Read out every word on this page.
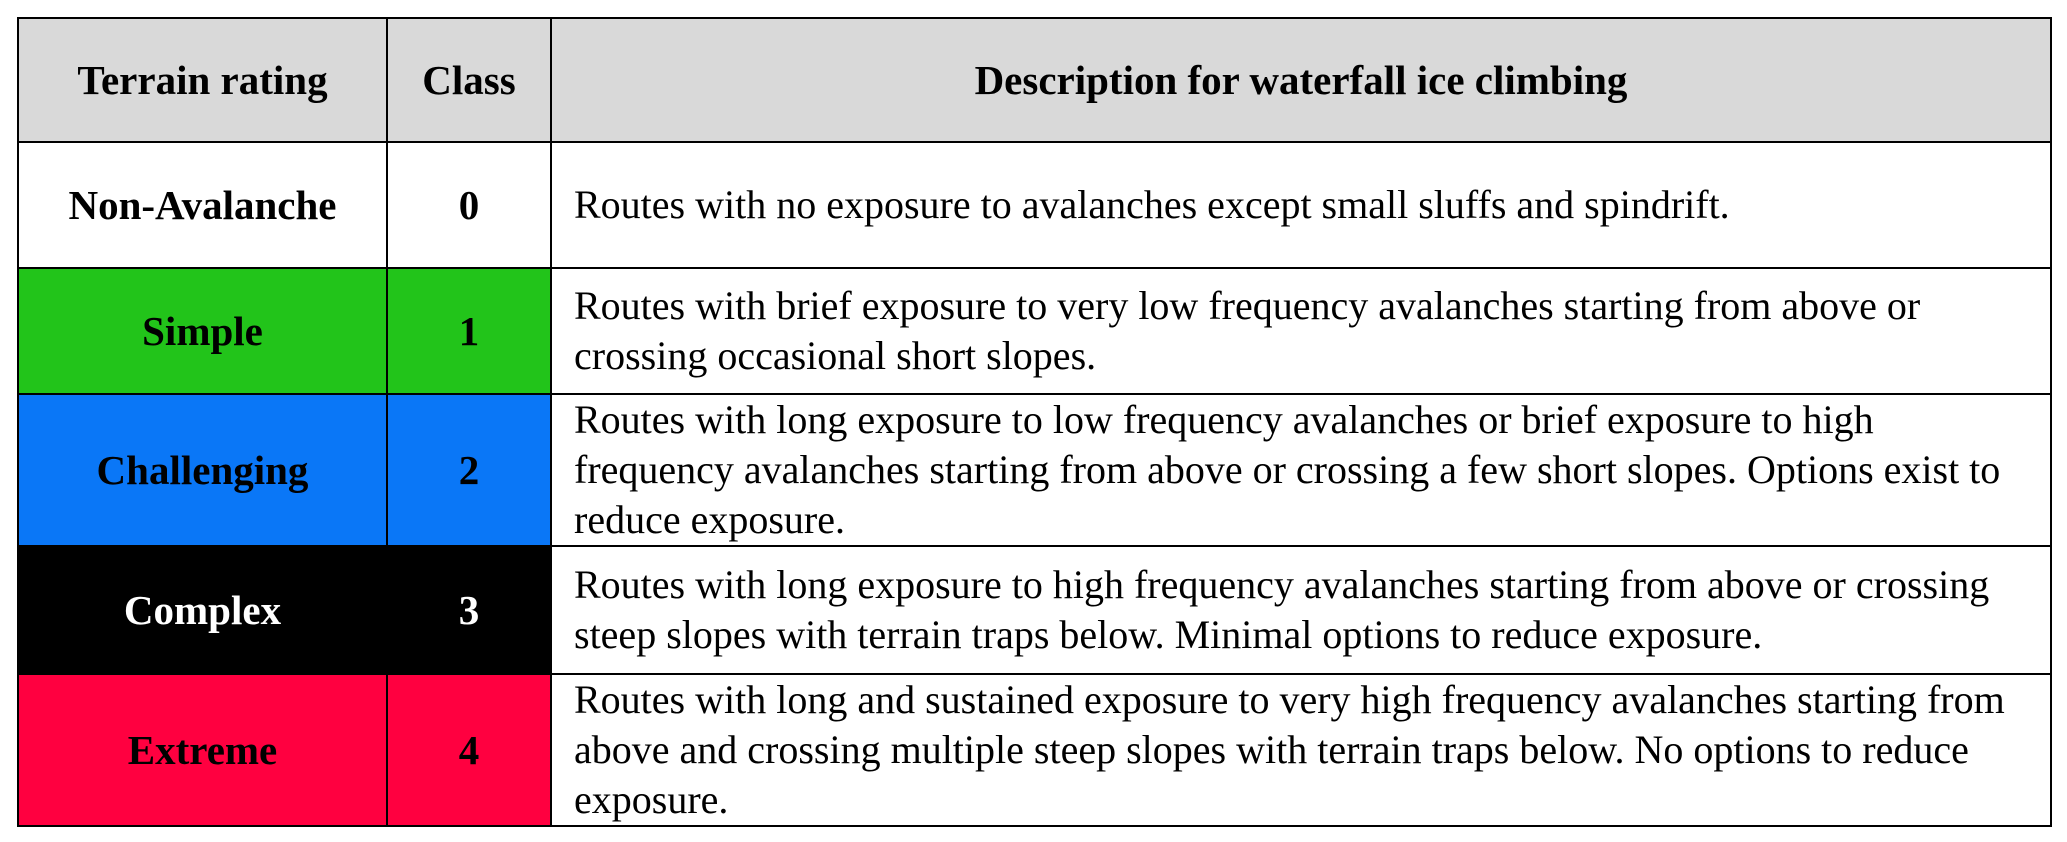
Terrain rating	Class	Description for waterfall ice climbing
Non-Avalanche	0	Routes with no exposure to avalanches except small sluffs and spindrift.
Simple	1	Routes with brief exposure to very low frequency avalanches starting from above or crossing occasional short slopes.
Challenging	2	Routes with long exposure to low frequency avalanches or brief exposure to high frequency avalanches starting from above or crossing a few short slopes. Options exist to reduce exposure.
Complex	3	Routes with long exposure to high frequency avalanches starting from above or crossing steep slopes with terrain traps below. Minimal options to reduce exposure.
Extreme	4	Routes with long and sustained exposure to very high frequency avalanches starting from above and crossing multiple steep slopes with terrain traps below. No options to reduce exposure.
